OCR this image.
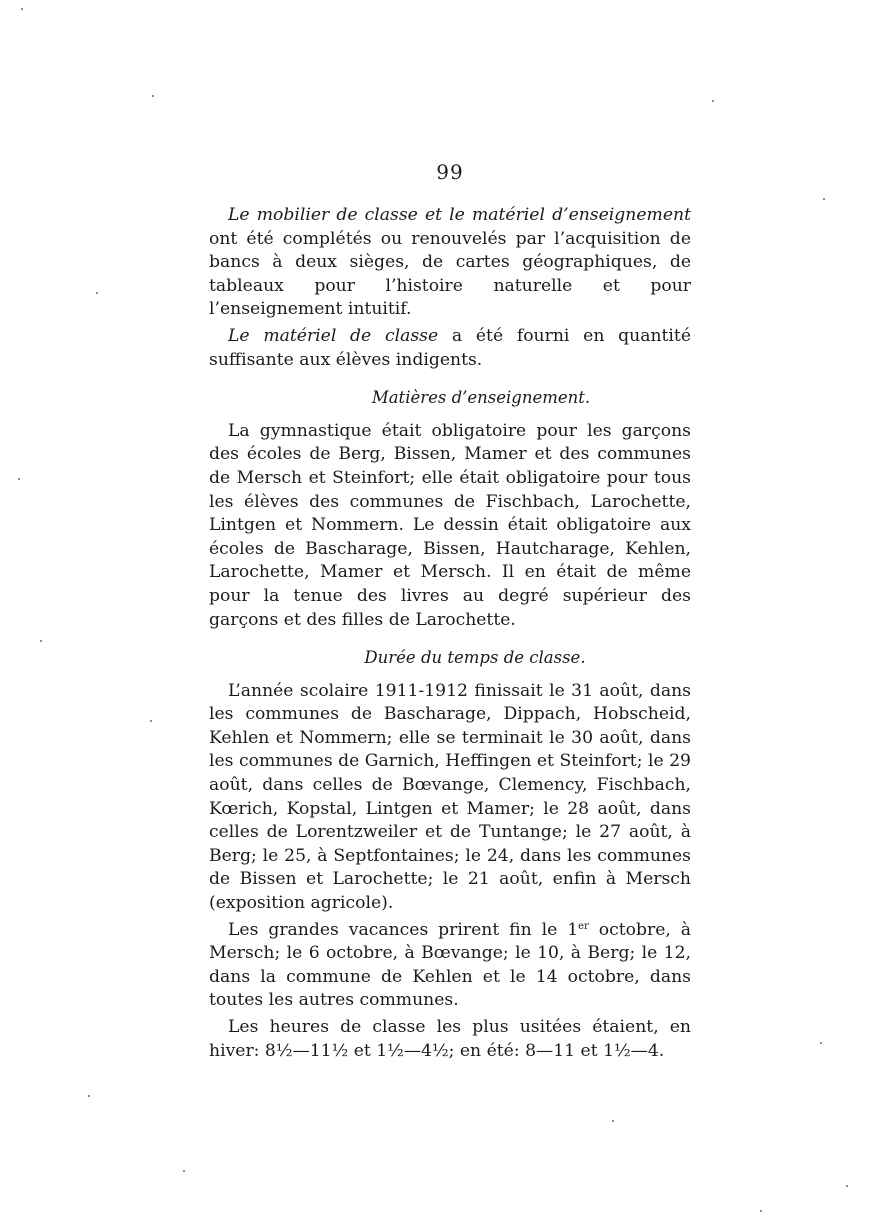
99

Le mobilier de classe et le matériel d’enseignement ont été complétés ou renouvelés par l’acquisition de bancs à deux sièges, de cartes géographiques, de tableaux pour l’histoire naturelle et pour l’enseignement intuitif.

Le matériel de classe a été fourni en quantité suffisante aux élèves indigents.

Matières d’enseignement.

La gymnastique était obligatoire pour les garçons des écoles de Berg, Bissen, Mamer et des communes de Mersch et Steinfort; elle était obligatoire pour tous les élèves des communes de Fischbach, Larochette, Lintgen et Nommern. Le dessin était obligatoire aux écoles de Bascharage, Bissen, Hautcharage, Kehlen, Larochette, Mamer et Mersch. Il en était de même pour la tenue des livres au degré supérieur des garçons et des filles de Larochette.

Durée du temps de classe.

L’année scolaire 1911-1912 finissait le 31 août, dans les communes de Bascharage, Dippach, Hobscheid, Kehlen et Nommern; elle se terminait le 30 août, dans les communes de Garnich, Heffingen et Steinfort; le 29 août, dans celles de Bœvange, Clemency, Fischbach, Kœrich, Kopstal, Lintgen et Mamer; le 28 août, dans celles de Lorentzweiler et de Tuntange; le 27 août, à Berg; le 25, à Septfontaines; le 24, dans les communes de Bissen et Larochette; le 21 août, enfin à Mersch (exposition agricole).

Les grandes vacances prirent fin le 1er octobre, à Mersch; le 6 octobre, à Bœvange; le 10, à Berg; le 12, dans la commune de Kehlen et le 14 octobre, dans toutes les autres communes.

Les heures de classe les plus usitées étaient, en hiver: 8½—11½ et 1½—4½; en été: 8—11 et 1½—4.
